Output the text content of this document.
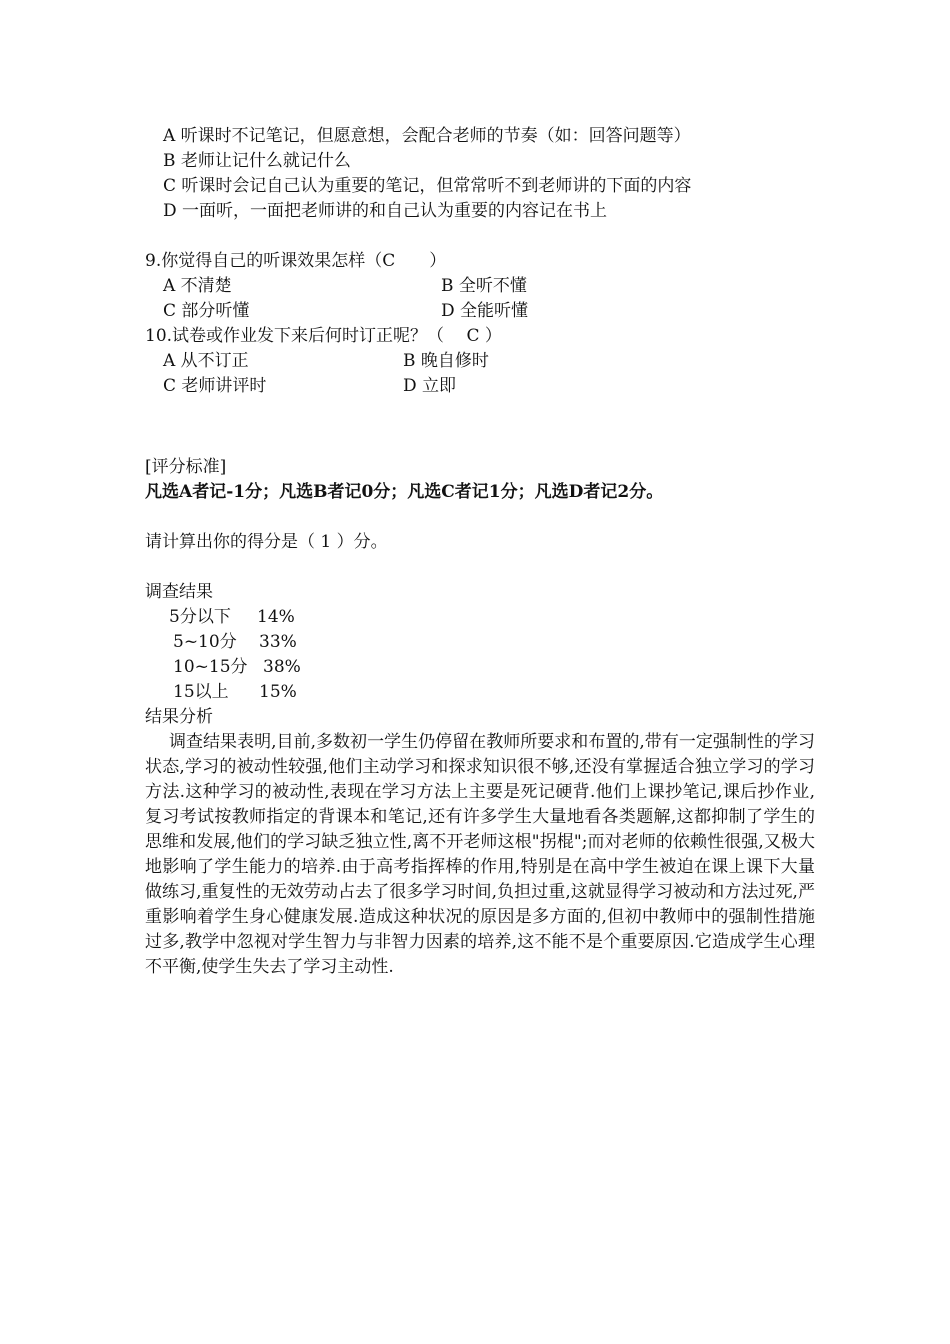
A 听课时不记笔记，但愿意想，会配合老师的节奏（如：回答问题等）
B 老师让记什么就记什么
C 听课时会记自己认为重要的笔记，但常常听不到老师讲的下面的内容
D 一面听，一面把老师讲的和自己认为重要的内容记在书上
9.你觉得自己的听课效果怎样（C　　）
A 不清楚	B 全听不懂
C 部分听懂	D 全能听懂
10.试卷或作业发下来后何时订正呢？（　 C ）
A 从不订正	B 晚自修时
C 老师讲评时	D 立即
[评分标准]
凡选A者记-1分；凡选B者记0分；凡选C者记1分；凡选D者记2分。
请计算出你的得分是（ 1 ）分。
调查结果
5分以下 14%
5~10分 33%
10~15分 38%
15以上 15%
结果分析
调查结果表明,目前,多数初一学生仍停留在教师所要求和布置的,带有一定强制性的学习状态,学习的被动性较强,他们主动学习和探求知识很不够,还没有掌握适合独立学习的学习方法.这种学习的被动性,表现在学习方法上主要是死记硬背.他们上课抄笔记,课后抄作业,复习考试按教师指定的背课本和笔记,还有许多学生大量地看各类题解,这都抑制了学生的思维和发展,他们的学习缺乏独立性,离不开老师这根"拐棍";而对老师的依赖性很强,又极大地影响了学生能力的培养.由于高考指挥棒的作用,特别是在高中学生被迫在课上课下大量做练习,重复性的无效劳动占去了很多学习时间,负担过重,这就显得学习被动和方法过死,严重影响着学生身心健康发展.造成这种状况的原因是多方面的,但初中教师中的强制性措施过多,教学中忽视对学生智力与非智力因素的培养,这不能不是个重要原因.它造成学生心理不平衡,使学生失去了学习主动性.
